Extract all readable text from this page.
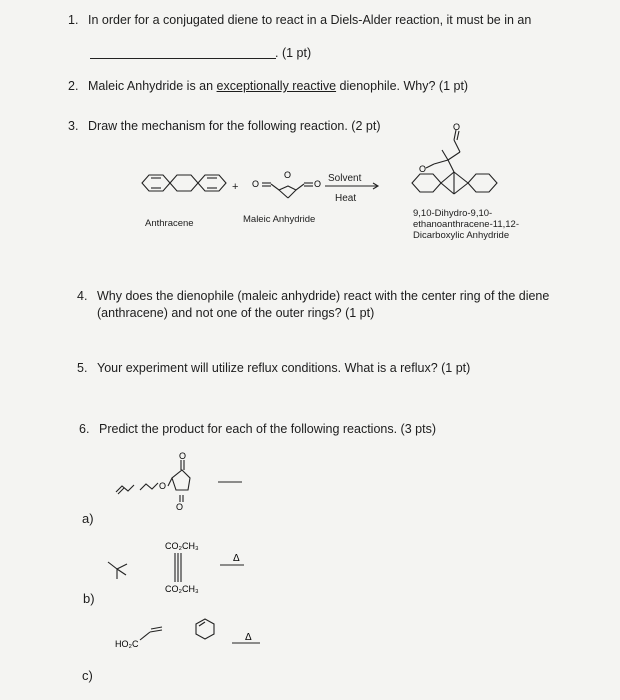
1. In order for a conjugated diene to react in a Diels-Alder reaction, it must be in an
. (1 pt)
2. Maleic Anhydride is an exceptionally reactive dienophile. Why? (1 pt)
3. Draw the mechanism for the following reaction. (2 pt)
O	O
O
O
O
+
Solvent
Heat
Anthracene	Maleic Anhydride
9,10-Dihydro-9,10-
ethanoanthracene-11,12-
Dicarboxylic Anhydride
4. Why does the dienophile (maleic anhydride) react with the center ring of the diene
(anthracene) and not one of the outer rings? (1 pt)
5. Your experiment will utilize reflux conditions. What is a reflux? (1 pt)
6. Predict the product for each of the following reactions. (3 pts)
O
O
O
CO₂CH₃
CO₂CH₃
HO₂C
Δ
Δ
a)
b)
c)
